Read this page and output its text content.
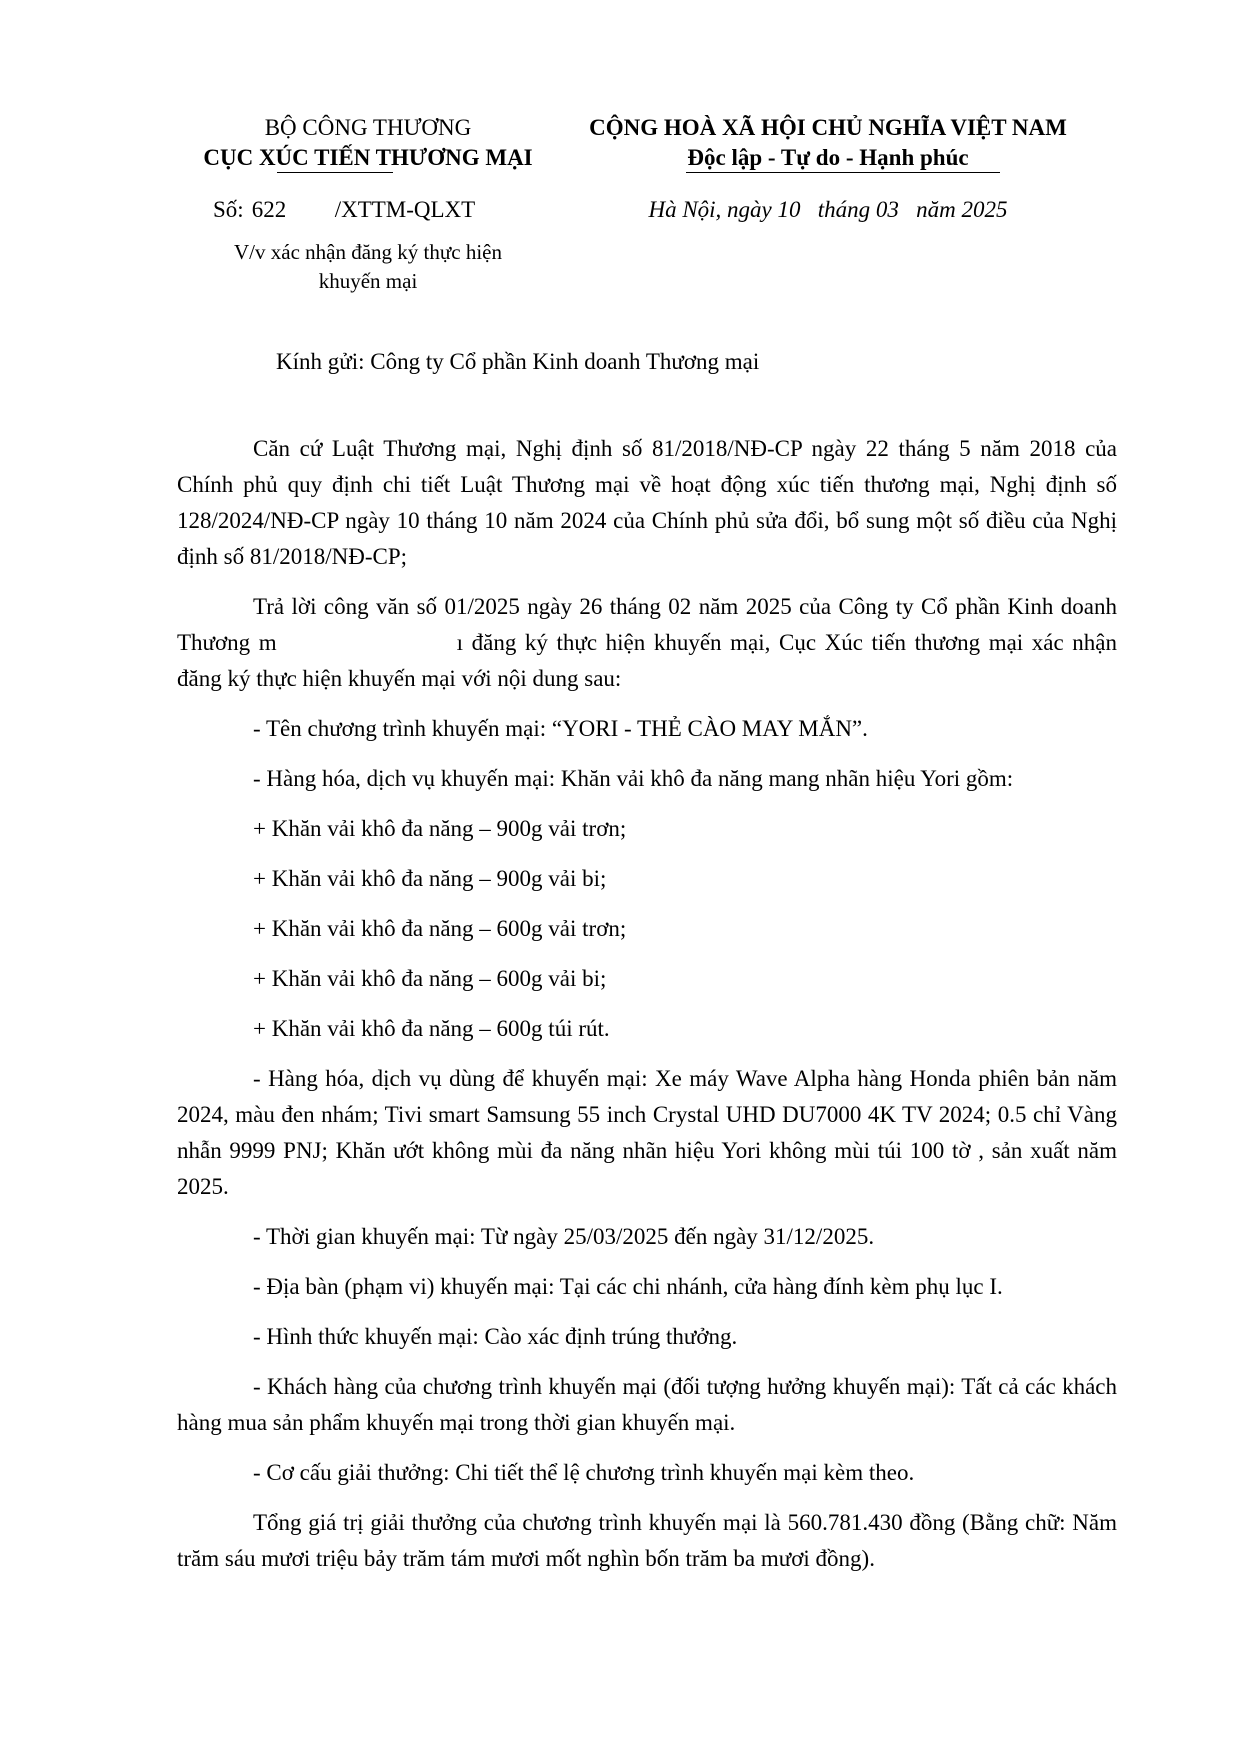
BỘ CÔNG THƯƠNG
CỤC XÚC TIẾN THƯƠNG MẠI
CỘNG HOÀ XÃ HỘI CHỦ NGHĨA VIỆT NAM
Độc lập - Tự do - Hạnh phúc
Số: 622 /XTTM-QLXT	Hà Nội, ngày 10   tháng 03   năm 2025
V/v xác nhận đăng ký thực hiện
khuyến mại
Kính gửi: Công ty Cổ phần Kinh doanh Thương mại

Căn cứ Luật Thương mại, Nghị định số 81/2018/NĐ-CP ngày 22 tháng 5 năm 2018 của Chính phủ quy định chi tiết Luật Thương mại về hoạt động xúc tiến thương mại, Nghị định số 128/2024/NĐ-CP ngày 10 tháng 10 năm 2024 của Chính phủ sửa đổi, bổ sung một số điều của Nghị định số 81/2018/NĐ-CP;

Trả lời công văn số 01/2025 ngày 26 tháng 02 năm 2025 của Công ty Cổ phần Kinh doanh Thương m	ı đăng ký thực hiện khuyến mại, Cục Xúc tiến thương mại xác nhận đăng ký thực hiện khuyến mại với nội dung sau:

- Tên chương trình khuyến mại: “YORI - THẺ CÀO MAY MẮN”.

- Hàng hóa, dịch vụ khuyến mại: Khăn vải khô đa năng mang nhãn hiệu Yori gồm:

+ Khăn vải khô đa năng – 900g vải trơn;

+ Khăn vải khô đa năng – 900g vải bi;

+ Khăn vải khô đa năng – 600g vải trơn;

+ Khăn vải khô đa năng – 600g vải bi;

+ Khăn vải khô đa năng – 600g túi rút.

- Hàng hóa, dịch vụ dùng để khuyến mại: Xe máy Wave Alpha hàng Honda phiên bản năm 2024, màu đen nhám; Tivi smart Samsung 55 inch Crystal UHD DU7000 4K TV 2024; 0.5 chỉ Vàng nhẫn 9999 PNJ; Khăn ướt không mùi đa năng nhãn hiệu Yori không mùi túi 100 tờ , sản xuất năm 2025.

- Thời gian khuyến mại: Từ ngày 25/03/2025 đến ngày 31/12/2025.

- Địa bàn (phạm vi) khuyến mại: Tại các chi nhánh, cửa hàng đính kèm phụ lục I.

- Hình thức khuyến mại: Cào xác định trúng thưởng.

- Khách hàng của chương trình khuyến mại (đối tượng hưởng khuyến mại): Tất cả các khách hàng mua sản phẩm khuyến mại trong thời gian khuyến mại.

- Cơ cấu giải thưởng: Chi tiết thể lệ chương trình khuyến mại kèm theo.

Tổng giá trị giải thưởng của chương trình khuyến mại là 560.781.430 đồng (Bằng chữ: Năm trăm sáu mươi triệu bảy trăm tám mươi mốt nghìn bốn trăm ba mươi đồng).
